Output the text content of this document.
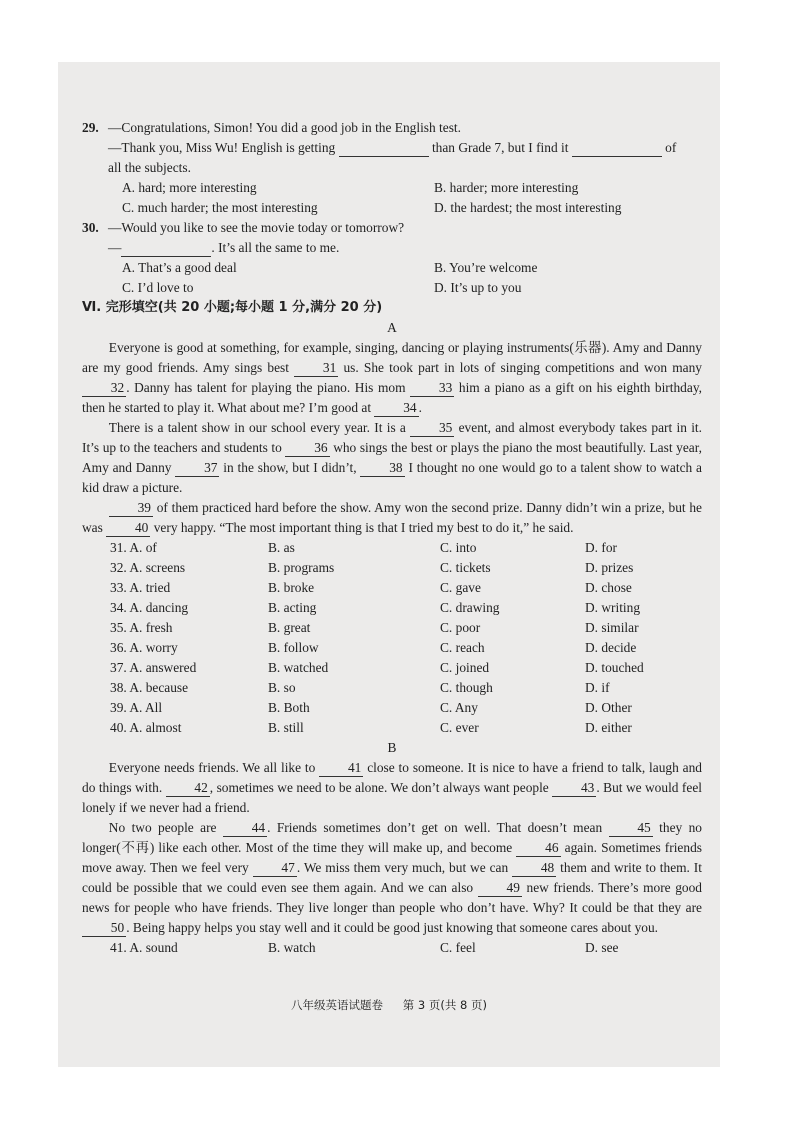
29. —Congratulations, Simon! You did a good job in the English test.
—Thank you, Miss Wu! English is getting	than Grade 7, but I find it	of
all the subjects.
A. hard; more interesting	B. harder; more interesting
C. much harder; the most interesting	D. the hardest; the most interesting
30. —Would you like to see the movie today or tomorrow?
—	. It’s all the same to me.
A. That’s a good deal	B. You’re welcome
C. I’d love to	D. It’s up to you
Ⅵ. 完形填空(共 20 小题;每小题 1 分,满分 20 分)
A
Everyone is good at something, for example, singing, dancing or playing instruments(乐器). Amy and Danny are my good friends. Amy sings best 31 us. She took part in lots of singing competitions and won many 32 . Danny has talent for playing the piano. His mom 33 him a piano as a gift on his eighth birthday, then he started to play it. What about me? I’m good at 34 .
There is a talent show in our school every year. It is a 35 event, and almost everybody takes part in it. It’s up to the teachers and students to 36 who sings the best or plays the piano the most beautifully. Last year, Amy and Danny 37 in the show, but I didn’t, 38 I thought no one would go to a talent show to watch a kid draw a picture.
39 of them practiced hard before the show. Amy won the second prize. Danny didn’t win a prize, but he was 40 very happy. “The most important thing is that I tried my best to do it,” he said.
31. A. of	B. as	C. into	D. for
32. A. screens	B. programs	C. tickets	D. prizes
33. A. tried	B. broke	C. gave	D. chose
34. A. dancing	B. acting	C. drawing	D. writing
35. A. fresh	B. great	C. poor	D. similar
36. A. worry	B. follow	C. reach	D. decide
37. A. answered	B. watched	C. joined	D. touched
38. A. because	B. so	C. though	D. if
39. A. All	B. Both	C. Any	D. Other
40. A. almost	B. still	C. ever	D. either
B
Everyone needs friends. We all like to 41 close to someone. It is nice to have a friend to talk, laugh and do things with. 42 , sometimes we need to be alone. We don’t always want people 43 . But we would feel lonely if we never had a friend.
No two people are 44 . Friends sometimes don’t get on well. That doesn’t mean 45 they no longer(不再) like each other. Most of the time they will make up, and become 46 again. Sometimes friends move away. Then we feel very 47 . We miss them very much, but we can 48 them and write to them. It could be possible that we could even see them again. And we can also 49 new friends. There’s more good news for people who have friends. They live longer than people who don’t have. Why? It could be that they are 50 . Being happy helps you stay well and it could be good just knowing that someone cares about you.
41. A. sound	B. watch	C. feel	D. see
八年级英语试题卷 第 3 页(共 8 页)
